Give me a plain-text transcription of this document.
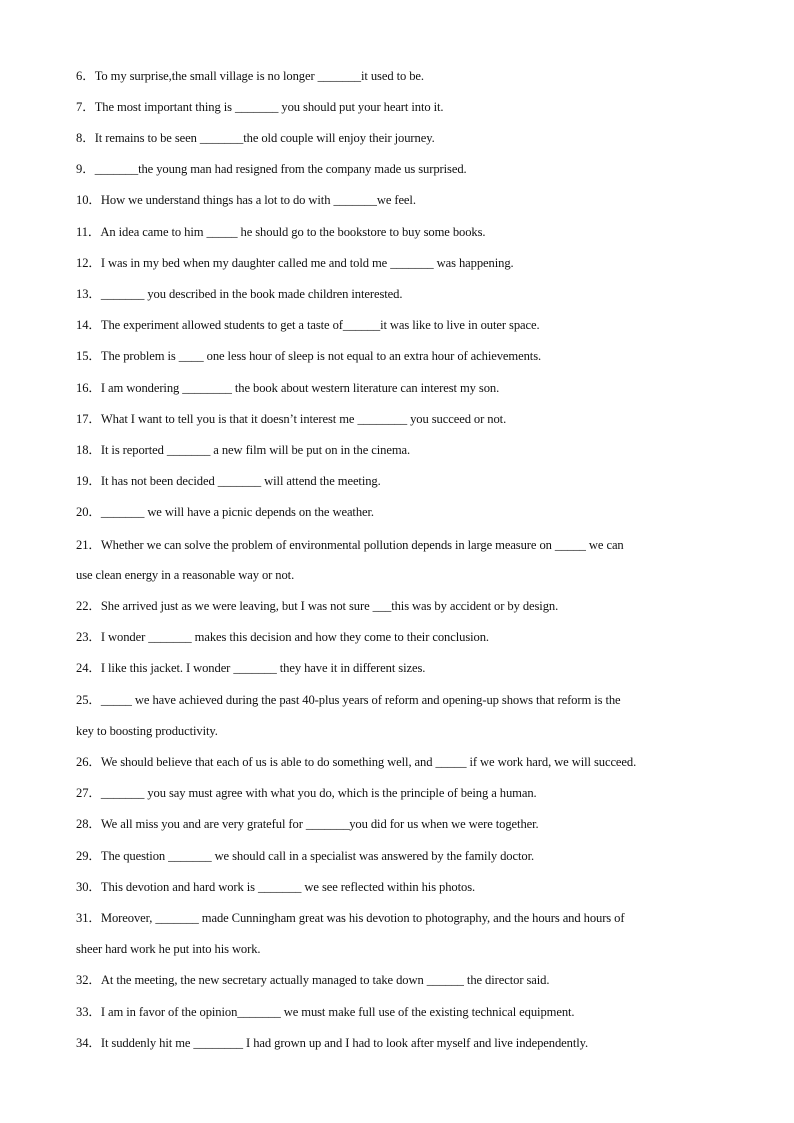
6．To my surprise,the small village is no longer _______it used to be.
7．The most important thing is _______ you should put your heart into it.
8．It remains to be seen _______the old couple will enjoy their journey.
9．_______the young man had resigned from the company made us surprised.
10．How we understand things has a lot to do with _______we feel.
11．An idea came to him _____ he should go to the bookstore to buy some books.
12．I was in my bed when my daughter called me and told me _______ was happening.
13．_______ you described in the book made children interested.
14．The experiment allowed students to get a taste of______it was like to live in outer space.
15．The problem is ____ one less hour of sleep is not equal to an extra hour of achievements.
16．I am wondering ________ the book about western literature can interest my son.
17．What I want to tell you is that it doesn’t interest me ________ you succeed or not.
18．It is reported _______ a new film will be put on in the cinema.
19．It has not been decided _______ will attend the meeting.
20．_______ we will have a picnic depends on the weather.
21．Whether we can solve the problem of environmental pollution depends in large measure on _____ we can
use clean energy in a reasonable way or not.
22．She arrived just as we were leaving, but I was not sure ___this was by accident or by design.
23．I wonder _______ makes this decision and how they come to their conclusion.
24．I like this jacket. I wonder _______ they have it in different sizes.
25．_____ we have achieved during the past 40-plus years of reform and opening-up shows that reform is the
key to boosting productivity.
26．We should believe that each of us is able to do something well, and _____ if we work hard, we will succeed.
27．_______ you say must agree with what you do, which is the principle of being a human.
28．We all miss you and are very grateful for _______you did for us when we were together.
29．The question _______ we should call in a specialist was answered by the family doctor.
30．This devotion and hard work is _______ we see reflected within his photos.
31．Moreover, _______ made Cunningham great was his devotion to photography, and the hours and hours of
sheer hard work he put into his work.
32．At the meeting, the new secretary actually managed to take down ______ the director said.
33．I am in favor of the opinion_______ we must make full use of the existing technical equipment.
34．It suddenly hit me ________ I had grown up and I had to look after myself and live independently.
